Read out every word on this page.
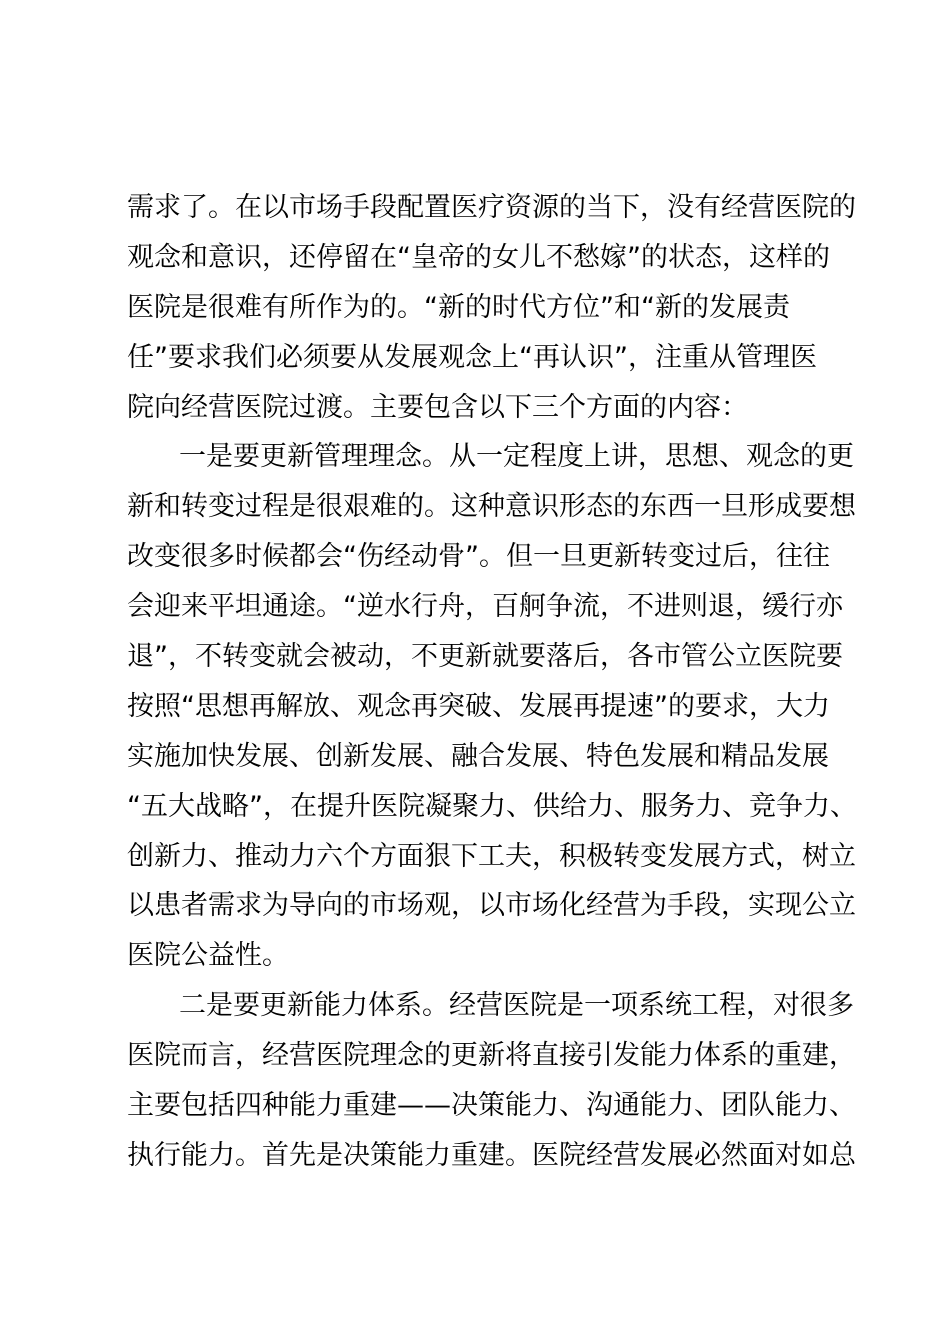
需求了。在以市场手段配置医疗资源的当下，没有经营医院的
观念和意识，还停留在“皇帝的女儿不愁嫁”的状态，这样的
医院是很难有所作为的。“新的时代方位”和“新的发展责
任”要求我们必须要从发展观念上“再认识”，注重从管理医
院向经营医院过渡。主要包含以下三个方面的内容：
一是要更新管理理念。从一定程度上讲，思想、观念的更
新和转变过程是很艰难的。这种意识形态的东西一旦形成要想
改变很多时候都会“伤经动骨”。但一旦更新转变过后，往往
会迎来平坦通途。“逆水行舟，百舸争流，不进则退，缓行亦
退”，不转变就会被动，不更新就要落后，各市管公立医院要
按照“思想再解放、观念再突破、发展再提速”的要求，大力
实施加快发展、创新发展、融合发展、特色发展和精品发展
“五大战略”，在提升医院凝聚力、供给力、服务力、竞争力、
创新力、推动力六个方面狠下工夫，积极转变发展方式，树立
以患者需求为导向的市场观，以市场化经营为手段，实现公立
医院公益性。
二是要更新能力体系。经营医院是一项系统工程，对很多
医院而言，经营医院理念的更新将直接引发能力体系的重建，
主要包括四种能力重建——决策能力、沟通能力、团队能力、
执行能力。首先是决策能力重建。医院经营发展必然面对如总
